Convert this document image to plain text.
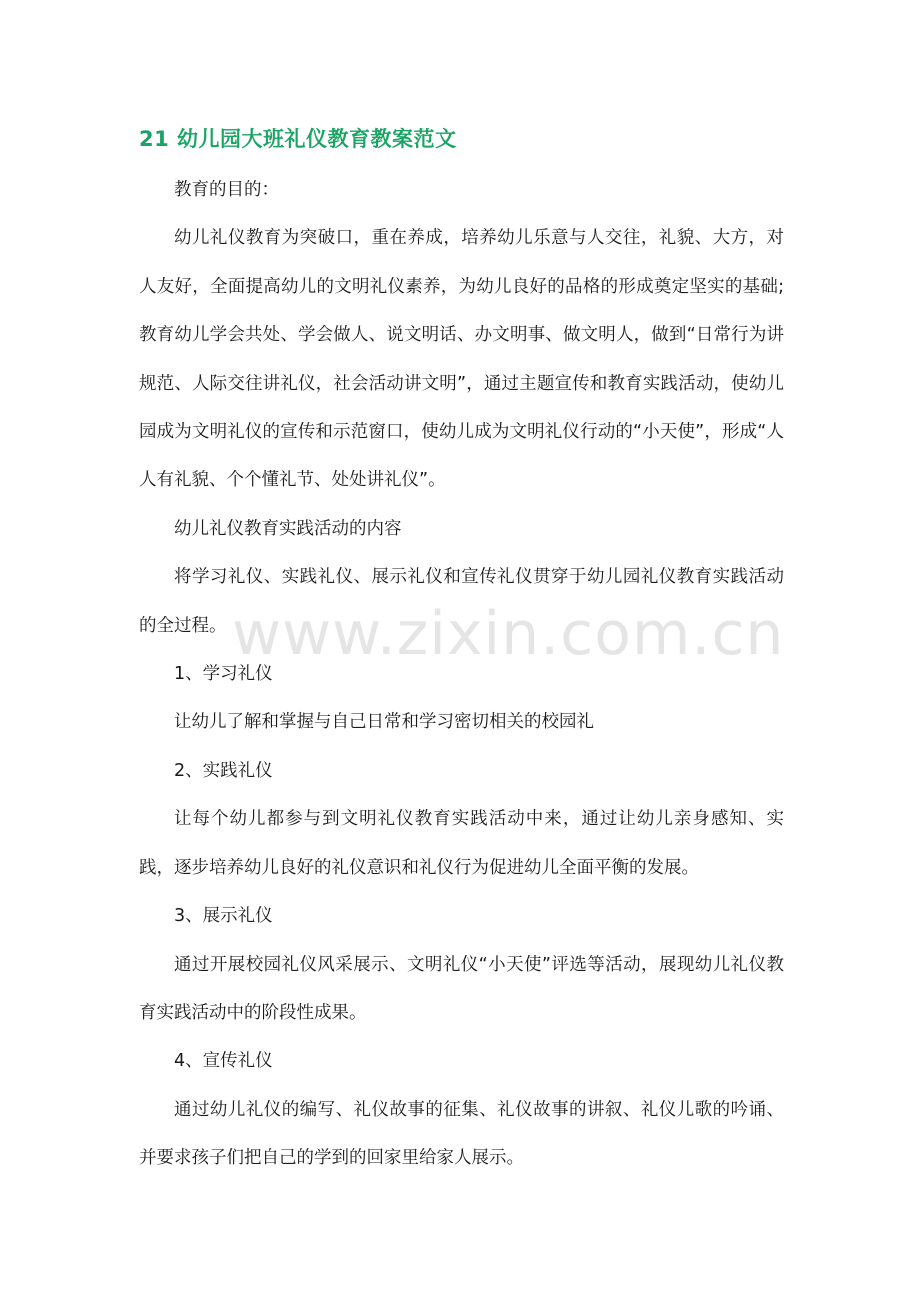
21 幼儿园大班礼仪教育教案范文

教育的目的：

幼儿礼仪教育为突破口，重在养成，培养幼儿乐意与人交往，礼貌、大方，对人友好，全面提高幼儿的文明礼仪素养，为幼儿良好的品格的形成奠定坚实的基础;教育幼儿学会共处、学会做人、说文明话、办文明事、做文明人，做到“日常行为讲规范、人际交往讲礼仪，社会活动讲文明”，通过主题宣传和教育实践活动，使幼儿园成为文明礼仪的宣传和示范窗口，使幼儿成为文明礼仪行动的“小天使”，形成“人人有礼貌、个个懂礼节、处处讲礼仪”。

幼儿礼仪教育实践活动的内容

将学习礼仪、实践礼仪、展示礼仪和宣传礼仪贯穿于幼儿园礼仪教育实践活动的全过程。

1、学习礼仪

让幼儿了解和掌握与自己日常和学习密切相关的校园礼

2、实践礼仪

让每个幼儿都参与到文明礼仪教育实践活动中来，通过让幼儿亲身感知、实践，逐步培养幼儿良好的礼仪意识和礼仪行为促进幼儿全面平衡的发展。

3、展示礼仪

通过开展校园礼仪风采展示、文明礼仪“小天使”评选等活动，展现幼儿礼仪教育实践活动中的阶段性成果。

4、宣传礼仪

通过幼儿礼仪的编写、礼仪故事的征集、礼仪故事的讲叙、礼仪儿歌的吟诵、并要求孩子们把自己的学到的回家里给家人展示。

www.zixin.com.cn
